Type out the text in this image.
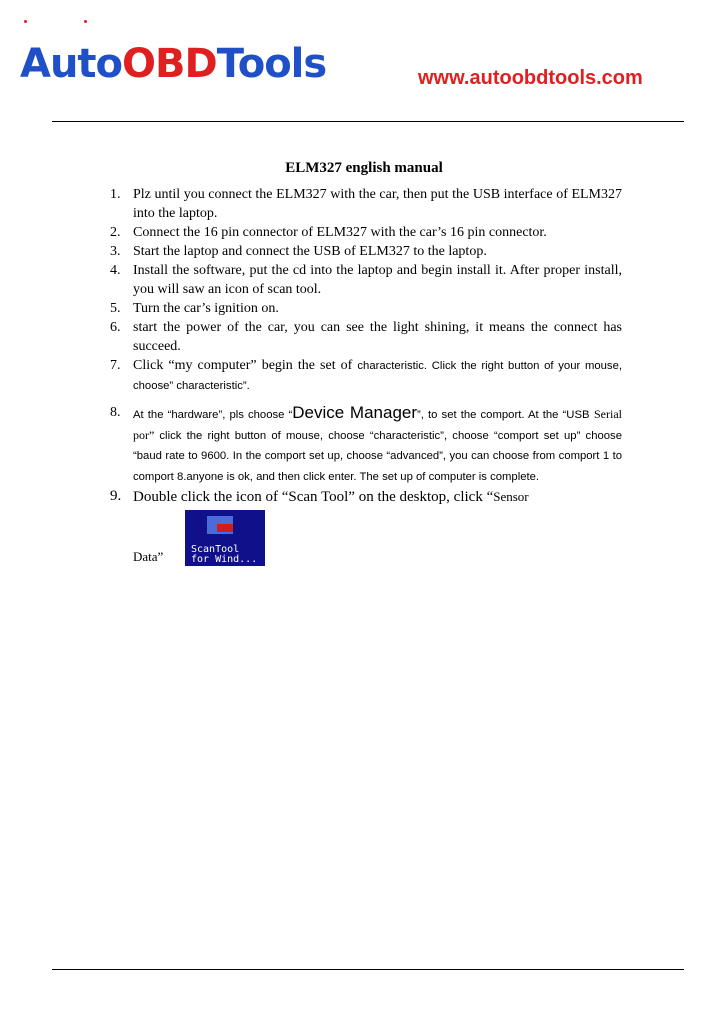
AutoOBDTools	www.autoobdtools.com
ELM327 english manual
1. Plz until you connect the ELM327 with the car, then put the USB interface of ELM327 into the laptop.
2. Connect the 16 pin connector of ELM327 with the car’s 16 pin connector.
3. Start the laptop and connect the USB of ELM327 to the laptop.
4. Install the software, put the cd into the laptop and begin install it. After proper install, you will saw an icon of scan tool.
5. Turn the car’s ignition on.
6. start the power of the car, you can see the light shining, it means the connect has succeed.
7. Click “my computer” begin the set of characteristic. Click the right button of your mouse, choose” characteristic”.
8. At the “hardware”, pls choose “Device Manager”, to set the comport. At the “USB Serial por” click the right button of mouse, choose “characteristic”, choose “comport set up” choose “baud rate to 9600. In the comport set up, choose “advanced”, you can choose from comport 1 to comport 8.anyone is ok, and then click enter. The set up of computer is complete.
9. Double click the icon of “Scan Tool” on the desktop, click “Sensor
Data”	ScanTool
for Wind...
